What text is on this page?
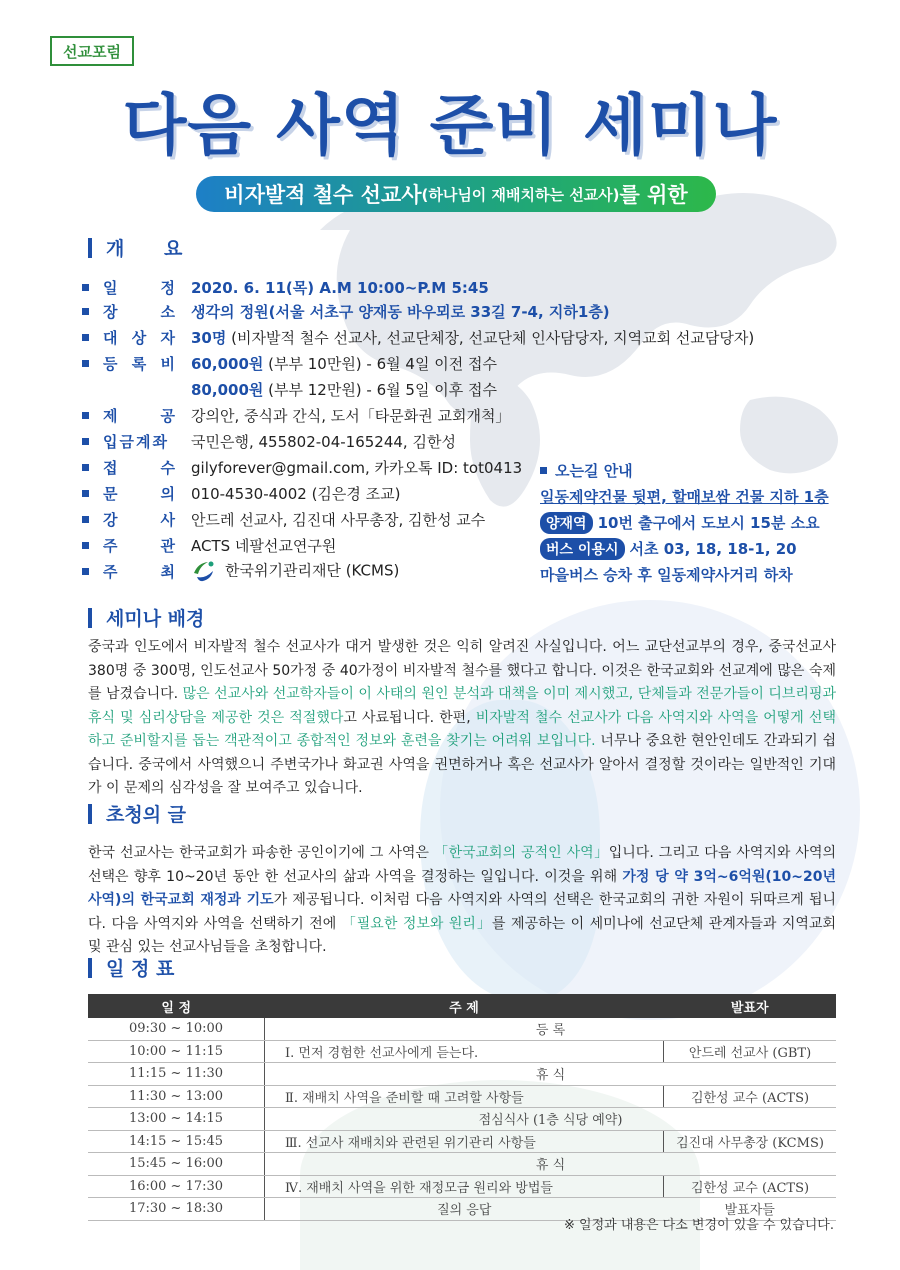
선교포럼
다음 사역 준비 세미나
비자발적 철수 선교사 (하나님이 재배치하는 선교사) 를 위한
개      요
일	정 2020. 6. 11(목) A.M 10:00~P.M 5:45
장	소 생각의 정원(서울 서초구 양재동 바우뫼로 33길 7-4, 지하1층)
대 상 자 30명 (비자발적 철수 선교사, 선교단체장, 선교단체 인사담당자, 지역교회 선교담당자)
등 록 비 60,000원 (부부 10만원) - 6월 4일 이전 접수
80,000원 (부부 12만원) - 6월 5일 이후 접수
제	공 강의안, 중식과 간식, 도서「타문화권 교회개척」
입금계좌 국민은행, 455802-04-165244, 김한성
접	수 gilyforever@gmail.com, 카카오톡 ID: tot0413
문	의 010-4530-4002 (김은경 조교)
강	사 안드레 선교사, 김진대 사무총장, 김한성 교수
주	관 ACTS 네팔선교연구원
주	최	한국위기관리재단 (KCMS)
오는길 안내
일동제약건물 뒷편, 할매보쌈 건물 지하 1층
양재역 10번 출구에서 도보시 15분 소요
버스 이용시 서초 03, 18, 18-1, 20
마을버스 승차 후 일동제약사거리 하차
세미나 배경
중국과 인도에서 비자발적 철수 선교사가 대거 발생한 것은 익히 알려진 사실입니다. 어느 교단선교부의 경우, 중국선교사 380명 중 300명, 인도선교사 50가정 중 40가정이 비자발적 철수를 했다고 합니다. 이것은 한국교회와 선교계에 많은 숙제를 남겼습니다. 많은 선교사와 선교학자들이 이 사태의 원인 분석과 대책을 이미 제시했고, 단체들과 전문가들이 디브리핑과 휴식 및 심리상담을 제공한 것은 적절했다고 사료됩니다. 한편, 비자발적 철수 선교사가 다음 사역지와 사역을 어떻게 선택하고 준비할지를 돕는 객관적이고 종합적인 정보와 훈련을 찾기는 어려워 보입니다. 너무나 중요한 현안인데도 간과되기 쉽습니다. 중국에서 사역했으니 주변국가나 화교권 사역을 권면하거나 혹은 선교사가 알아서 결정할 것이라는 일반적인 기대가 이 문제의 심각성을 잘 보여주고 있습니다.
초청의 글
한국 선교사는 한국교회가 파송한 공인이기에 그 사역은 「한국교회의 공적인 사역」입니다. 그리고 다음 사역지와 사역의 선택은 향후 10~20년 동안 한 선교사의 삶과 사역을 결정하는 일입니다. 이것을 위해 가정 당 약 3억~6억원(10~20년 사역)의 한국교회 재정과 기도가 제공됩니다. 이처럼 다음 사역지와 사역의 선택은 한국교회의 귀한 자원이 뒤따르게 됩니다. 다음 사역지와 사역을 선택하기 전에 「필요한 정보와 원리」를 제공하는 이 세미나에 선교단체 관계자들과 지역교회 및 관심 있는 선교사님들을 초청합니다.
일 정 표
일 정	주 제	발표자
09:30 ~ 10:00	등 록	
10:00 ~ 11:15	Ⅰ. 먼저 경험한 선교사에게 듣는다.	안드레 선교사 (GBT)
11:15 ~ 11:30	휴 식	
11:30 ~ 13:00	Ⅱ. 재배치 사역을 준비할 때 고려할 사항들	김한성 교수 (ACTS)
13:00 ~ 14:15	점심식사 (1층 식당 예약)	
14:15 ~ 15:45	Ⅲ. 선교사 재배치와 관련된 위기관리 사항들	김진대 사무총장 (KCMS)
15:45 ~ 16:00	휴 식	
16:00 ~ 17:30	Ⅳ. 재배치 사역을 위한 재정모금 원리와 방법들	김한성 교수 (ACTS)
17:30 ~ 18:30	질의 응답	발표자들
※ 일정과 내용은 다소 변경이 있을 수 있습니다.
